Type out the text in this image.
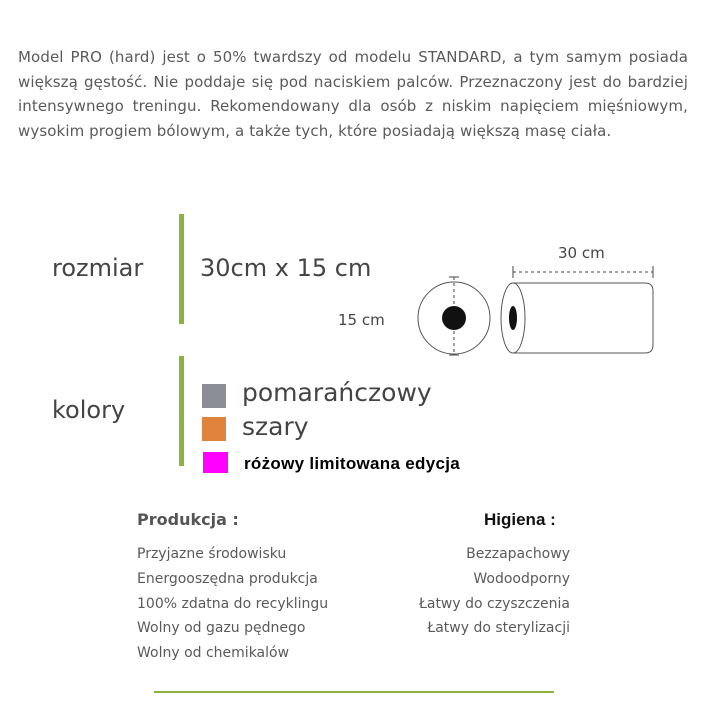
Model PRO (hard) jest o 50% twardszy od modelu STANDARD, a tym samym posiada większą gęstość. Nie poddaje się pod naciskiem palców. Przeznaczony jest do bardziej intensywnego treningu. Rekomendowany dla osób z niskim napięciem mięśniowym, wysokim progiem bólowym, a także tych, które posiadają większą masę ciała.

rozmiar 30cm x 15 cm
30 cm
15 cm
kolory
pomarańczowy
szary
różowy limitowana edycja
Produkcja :
Przyjazne środowisku
Energooszędna produkcja
100% zdatna do recyklingu
Wolny od gazu pędnego
Wolny od chemikalów
Higiena :
Bezzapachowy
Wodoodporny
Łatwy do czyszczenia
Łatwy do sterylizacji
